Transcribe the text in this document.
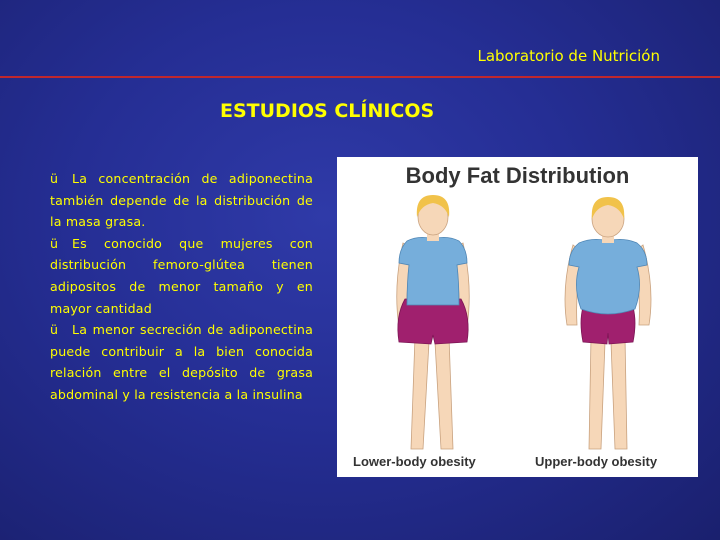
Laboratorio de Nutrición
ESTUDIOS CLÍNICOS

ü La concentración de adiponectina también depende de la distribución de la masa grasa.

ü Es conocido que mujeres con distribución femoro-glútea tienen adipositos de menor tamaño y en mayor cantidad

ü La menor secreción de adiponectina puede contribuir a la bien conocida relación entre el depósito de grasa abdominal y la resistencia a la insulina

Body Fat Distribution
Lower-body obesity	Upper-body obesity
